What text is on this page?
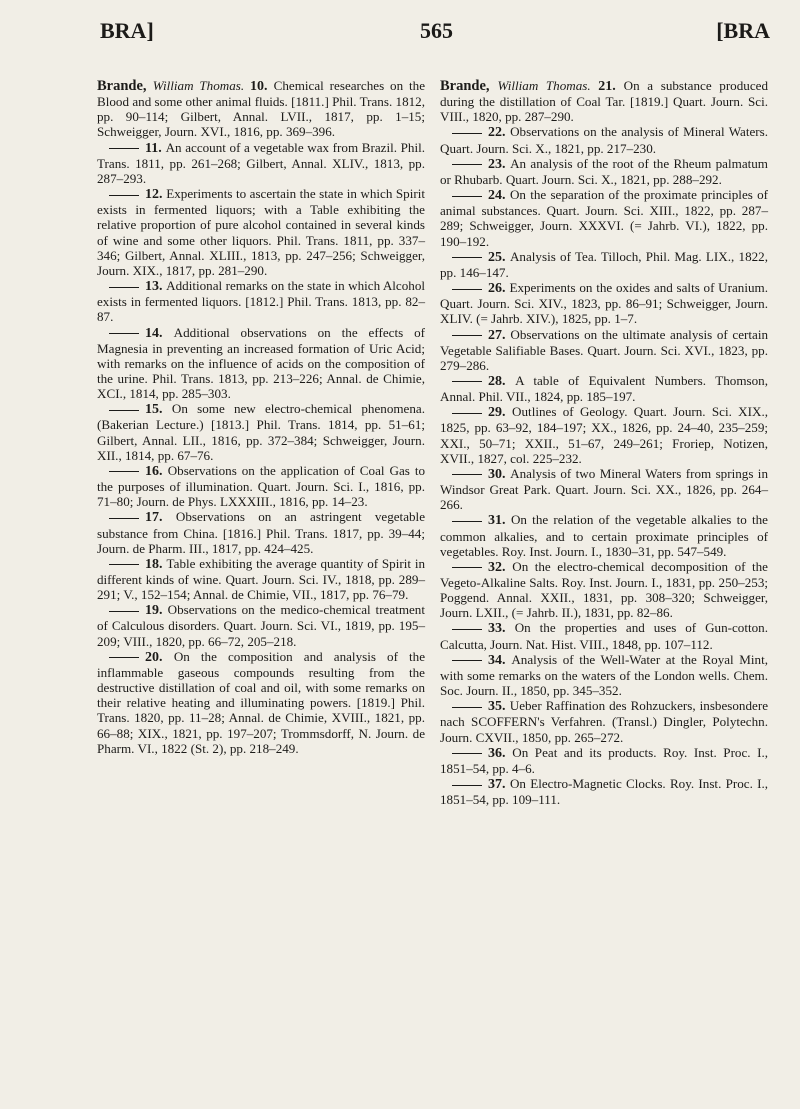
BRA]	565	[BRA

Brande, William Thomas. 10. Chemical researches on the Blood and some other animal fluids. [1811.] Phil. Trans. 1812, pp. 90–114; Gilbert, Annal. LVII., 1817, pp. 1–15; Schweigger, Journ. XVI., 1816, pp. 369–396.

11. An account of a vegetable wax from Brazil. Phil. Trans. 1811, pp. 261–268; Gilbert, Annal. XLIV., 1813, pp. 287–293.

12. Experiments to ascertain the state in which Spirit exists in fermented liquors; with a Table exhibiting the relative proportion of pure alcohol contained in several kinds of wine and some other liquors. Phil. Trans. 1811, pp. 337–346; Gilbert, Annal. XLIII., 1813, pp. 247–256; Schweigger, Journ. XIX., 1817, pp. 281–290.

13. Additional remarks on the state in which Alcohol exists in fermented liquors. [1812.] Phil. Trans. 1813, pp. 82–87.

14. Additional observations on the effects of Magnesia in preventing an increased formation of Uric Acid; with remarks on the influence of acids on the composition of the urine. Phil. Trans. 1813, pp. 213–226; Annal. de Chimie, XCI., 1814, pp. 285–303.

15. On some new electro-chemical phenomena. (Bakerian Lecture.) [1813.] Phil. Trans. 1814, pp. 51–61; Gilbert, Annal. LII., 1816, pp. 372–384; Schweigger, Journ. XII., 1814, pp. 67–76.

16. Observations on the application of Coal Gas to the purposes of illumination. Quart. Journ. Sci. I., 1816, pp. 71–80; Journ. de Phys. LXXXIII., 1816, pp. 14–23.

17. Observations on an astringent vegetable substance from China. [1816.] Phil. Trans. 1817, pp. 39–44; Journ. de Pharm. III., 1817, pp. 424–425.

18. Table exhibiting the average quantity of Spirit in different kinds of wine. Quart. Journ. Sci. IV., 1818, pp. 289–291; V., 152–154; Annal. de Chimie, VII., 1817, pp. 76–79.

19. Observations on the medico-chemical treatment of Calculous disorders. Quart. Journ. Sci. VI., 1819, pp. 195–209; VIII., 1820, pp. 66–72, 205–218.

20. On the composition and analysis of the inflammable gaseous compounds resulting from the destructive distillation of coal and oil, with some remarks on their relative heating and illuminating powers. [1819.] Phil. Trans. 1820, pp. 11–28; Annal. de Chimie, XVIII., 1821, pp. 66–88; XIX., 1821, pp. 197–207; Trommsdorff, N. Journ. de Pharm. VI., 1822 (St. 2), pp. 218–249.

Brande, William Thomas. 21. On a substance produced during the distillation of Coal Tar. [1819.] Quart. Journ. Sci. VIII., 1820, pp. 287–290.

22. Observations on the analysis of Mineral Waters. Quart. Journ. Sci. X., 1821, pp. 217–230.

23. An analysis of the root of the Rheum palmatum or Rhubarb. Quart. Journ. Sci. X., 1821, pp. 288–292.

24. On the separation of the proximate principles of animal substances. Quart. Journ. Sci. XIII., 1822, pp. 287–289; Schweigger, Journ. XXXVI. (= Jahrb. VI.), 1822, pp. 190–192.

25. Analysis of Tea. Tilloch, Phil. Mag. LIX., 1822, pp. 146–147.

26. Experiments on the oxides and salts of Uranium. Quart. Journ. Sci. XIV., 1823, pp. 86–91; Schweigger, Journ. XLIV. (= Jahrb. XIV.), 1825, pp. 1–7.

27. Observations on the ultimate analysis of certain Vegetable Salifiable Bases. Quart. Journ. Sci. XVI., 1823, pp. 279–286.

28. A table of Equivalent Numbers. Thomson, Annal. Phil. VII., 1824, pp. 185–197.

29. Outlines of Geology. Quart. Journ. Sci. XIX., 1825, pp. 63–92, 184–197; XX., 1826, pp. 24–40, 235–259; XXI., 50–71; XXII., 51–67, 249–261; Froriep, Notizen, XVII., 1827, col. 225–232.

30. Analysis of two Mineral Waters from springs in Windsor Great Park. Quart. Journ. Sci. XX., 1826, pp. 264–266.

31. On the relation of the vegetable alkalies to the common alkalies, and to certain proximate principles of vegetables. Roy. Inst. Journ. I., 1830–31, pp. 547–549.

32. On the electro-chemical decomposition of the Vegeto-Alkaline Salts. Roy. Inst. Journ. I., 1831, pp. 250–253; Poggend. Annal. XXII., 1831, pp. 308–320; Schweigger, Journ. LXII., (= Jahrb. II.), 1831, pp. 82–86.

33. On the properties and uses of Gun-cotton. Calcutta, Journ. Nat. Hist. VIII., 1848, pp. 107–112.

34. Analysis of the Well-Water at the Royal Mint, with some remarks on the waters of the London wells. Chem. Soc. Journ. II., 1850, pp. 345–352.

35. Ueber Raffination des Rohzuckers, insbesondere nach SCOFFERN's Verfahren. (Transl.) Dingler, Polytechn. Journ. CXVII., 1850, pp. 265–272.

36. On Peat and its products. Roy. Inst. Proc. I., 1851–54, pp. 4–6.

37. On Electro-Magnetic Clocks. Roy. Inst. Proc. I., 1851–54, pp. 109–111.
